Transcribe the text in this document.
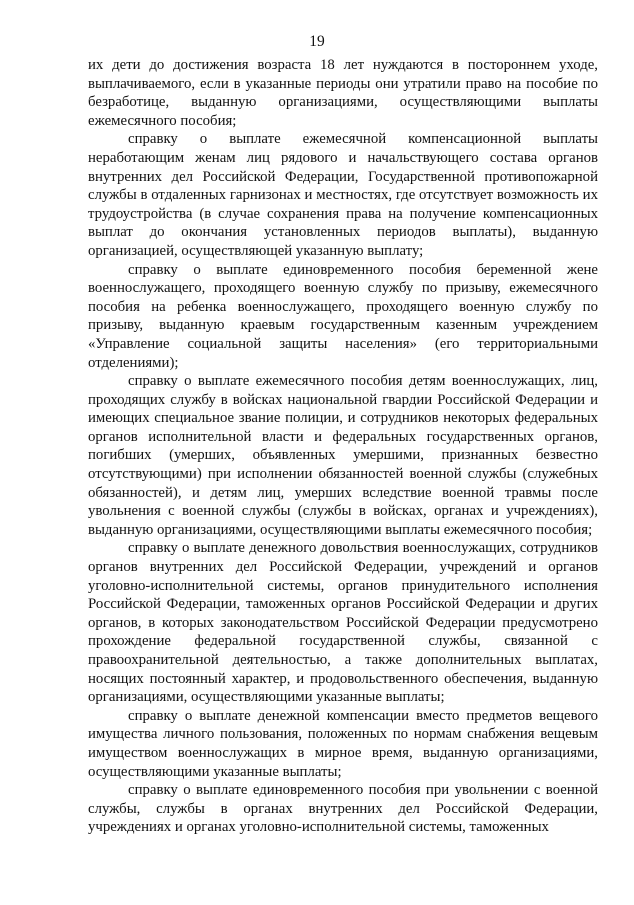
19

их дети до достижения возраста 18 лет нуждаются в постороннем уходе, выплачиваемого, если в указанные периоды они утратили право на пособие по безработице, выданную организациями, осуществляющими выплаты ежемесячного пособия;

справку о выплате ежемесячной компенсационной выплаты неработающим женам лиц рядового и начальствующего состава органов внутренних дел Российской Федерации, Государственной противопожарной службы в отдаленных гарнизонах и местностях, где отсутствует возможность их трудоустройства (в случае сохранения права на получение компенсационных выплат до окончания установленных периодов выплаты), выданную организацией, осуществляющей указанную выплату;

справку о выплате единовременного пособия беременной жене военнослужащего, проходящего военную службу по призыву, ежемесячного пособия на ребенка военнослужащего, проходящего военную службу по призыву, выданную краевым государственным казенным учреждением «Управление социальной защиты населения» (его территориальными отделениями);

справку о выплате ежемесячного пособия детям военнослужащих, лиц, проходящих службу в войсках национальной гвардии Российской Федерации и имеющих специальное звание полиции, и сотрудников некоторых федеральных органов исполнительной власти и федеральных государственных органов, погибших (умерших, объявленных умершими, признанных безвестно отсутствующими) при исполнении обязанностей военной службы (служебных обязанностей), и детям лиц, умерших вследствие военной травмы после увольнения с военной службы (службы в войсках, органах и учреждениях), выданную организациями, осуществляющими выплаты ежемесячного пособия;

справку о выплате денежного довольствия военнослужащих, сотрудников органов внутренних дел Российской Федерации, учреждений и органов уголовно-исполнительной системы, органов принудительного исполнения Российской Федерации, таможенных органов Российской Федерации и других органов, в которых законодательством Российской Федерации предусмотрено прохождение федеральной государственной службы, связанной с правоохранительной деятельностью, а также дополнительных выплатах, носящих постоянный характер, и продовольственного обеспечения, выданную организациями, осуществляющими указанные выплаты;

справку о выплате денежной компенсации вместо предметов вещевого имущества личного пользования, положенных по нормам снабжения вещевым имуществом военнослужащих в мирное время, выданную организациями, осуществляющими указанные выплаты;

справку о выплате единовременного пособия при увольнении с военной службы, службы в органах внутренних дел Российской Федерации, учреждениях и органах уголовно-исполнительной системы, таможенных
